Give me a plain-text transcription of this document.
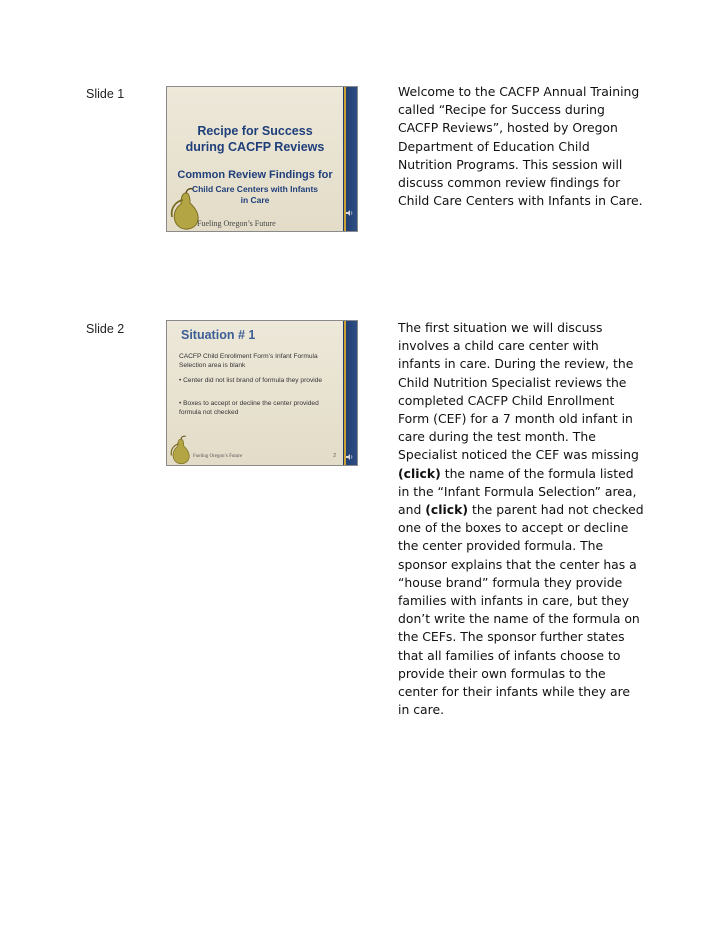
Slide 1
Recipe for Success
during CACFP Reviews
Common Review Findings for
Child Care Centers with Infants
in Care
Fueling Oregon’s Future
Welcome to the CACFP Annual Training called “Recipe for Success during CACFP Reviews”, hosted by Oregon Department of Education Child Nutrition Programs. This session will discuss common review findings for Child Care Centers with Infants in Care.
Slide 2	Situation # 1
CACFP Child Enrollment Form’s Infant Formula Selection area is blank
• Center did not list brand of formula they provide
• Boxes to accept or decline the center provided formula not checked
Fueling Oregon’s Future	2
The first situation we will discuss involves a child care center with infants in care. During the review, the Child Nutrition Specialist reviews the completed CACFP Child Enrollment Form (CEF) for a 7 month old infant in care during the test month. The Specialist noticed the CEF was missing (click) the name of the formula listed in the “Infant Formula Selection” area, and (click) the parent had not checked one of the boxes to accept or decline the center provided formula. The sponsor explains that the center has a “house brand” formula they provide families with infants in care, but they don’t write the name of the formula on the CEFs. The sponsor further states that all families of infants choose to provide their own formulas to the center for their infants while they are in care.
